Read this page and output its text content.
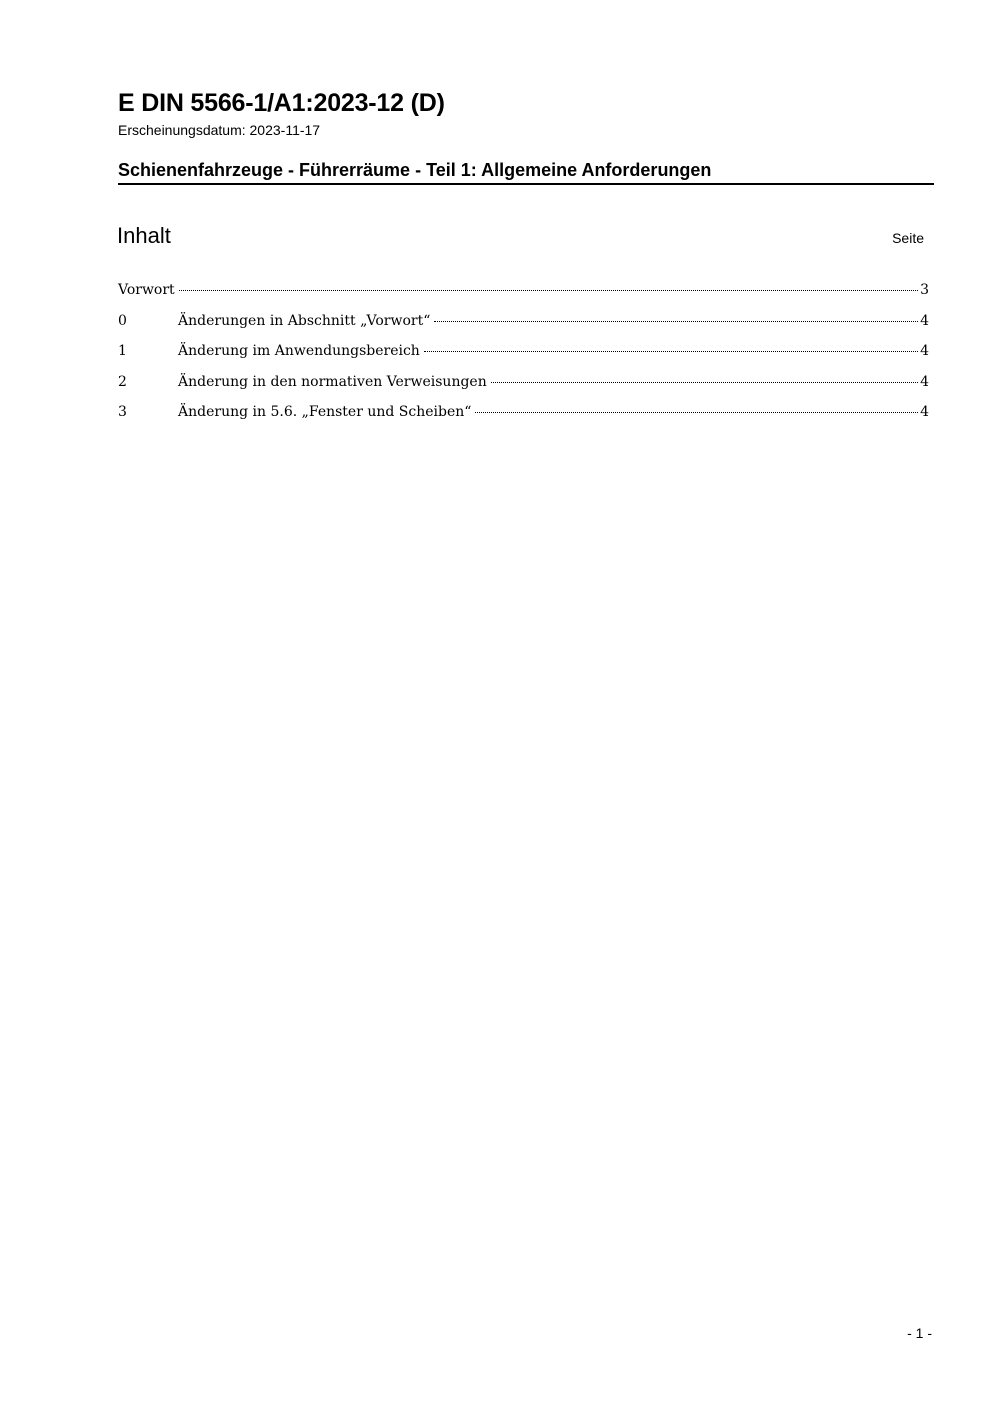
E DIN 5566-1/A1:2023-12 (D)
Erscheinungsdatum: 2023-11-17
Schienenfahrzeuge - Führerräume - Teil 1: Allgemeine Anforderungen
Inhalt	Seite
Vorwort	3
0	Änderungen in Abschnitt „Vorwort“	4
1	Änderung im Anwendungsbereich	4
2	Änderung in den normativen Verweisungen	4
3	Änderung in 5.6. „Fenster und Scheiben“	4
- 1 -
